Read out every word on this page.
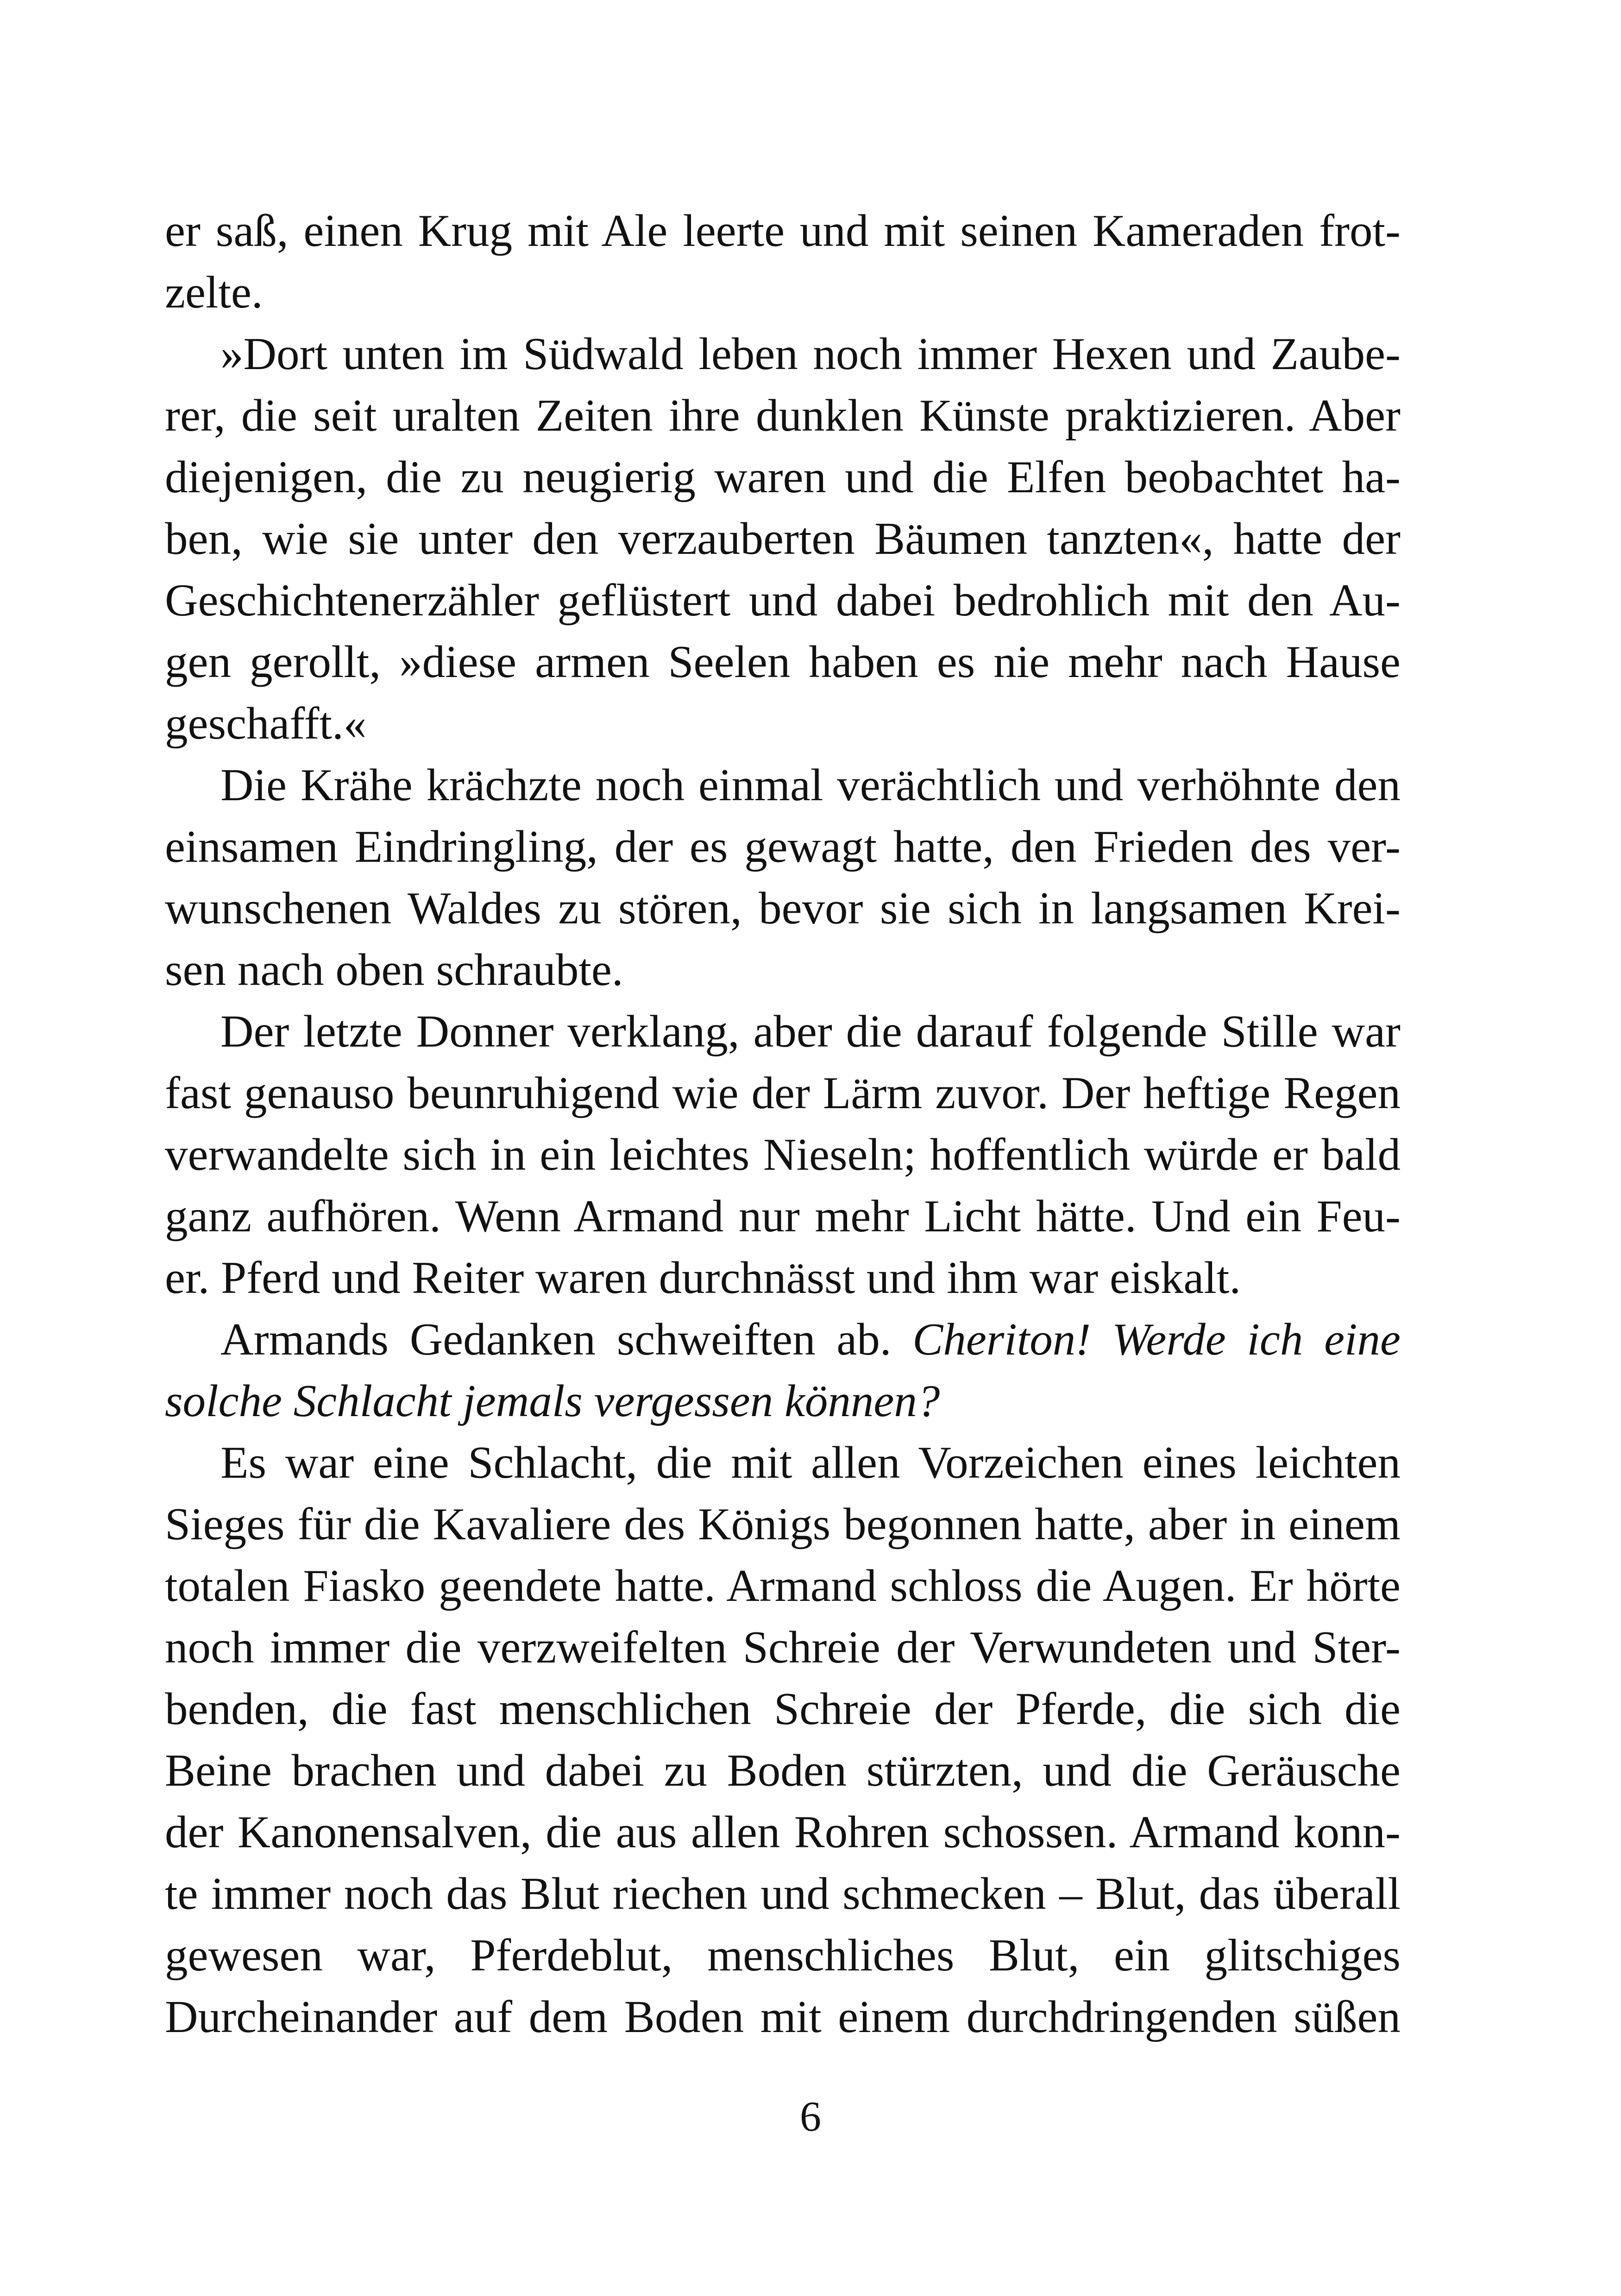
er saß, einen Krug mit Ale leerte und mit seinen Kameraden frot-
zelte.
»Dort unten im Südwald leben noch immer Hexen und Zaube-
rer, die seit uralten Zeiten ihre dunklen Künste praktizieren. Aber
diejenigen, die zu neugierig waren und die Elfen beobachtet ha-
ben, wie sie unter den verzauberten Bäumen tanzten«, hatte der
Geschichtenerzähler geflüstert und dabei bedrohlich mit den Au-
gen gerollt, »diese armen Seelen haben es nie mehr nach Hause
geschafft.«
Die Krähe krächzte noch einmal verächtlich und verhöhnte den
einsamen Eindringling, der es gewagt hatte, den Frieden des ver-
wunschenen Waldes zu stören, bevor sie sich in langsamen Krei-
sen nach oben schraubte.
Der letzte Donner verklang, aber die darauf folgende Stille war
fast genauso beunruhigend wie der Lärm zuvor. Der heftige Regen
verwandelte sich in ein leichtes Nieseln; hoffentlich würde er bald
ganz aufhören. Wenn Armand nur mehr Licht hätte. Und ein Feu-
er. Pferd und Reiter waren durchnässt und ihm war eiskalt.
Armands Gedanken schweiften ab. Cheriton! Werde ich eine
solche Schlacht jemals vergessen können?
Es war eine Schlacht, die mit allen Vorzeichen eines leichten
Sieges für die Kavaliere des Königs begonnen hatte, aber in einem
totalen Fiasko geendete hatte. Armand schloss die Augen. Er hörte
noch immer die verzweifelten Schreie der Verwundeten und Ster-
benden, die fast menschlichen Schreie der Pferde, die sich die
Beine brachen und dabei zu Boden stürzten, und die Geräusche
der Kanonensalven, die aus allen Rohren schossen. Armand konn-
te immer noch das Blut riechen und schmecken – Blut, das überall
gewesen war, Pferdeblut, menschliches Blut, ein glitschiges
Durcheinander auf dem Boden mit einem durchdringenden süßen
6
